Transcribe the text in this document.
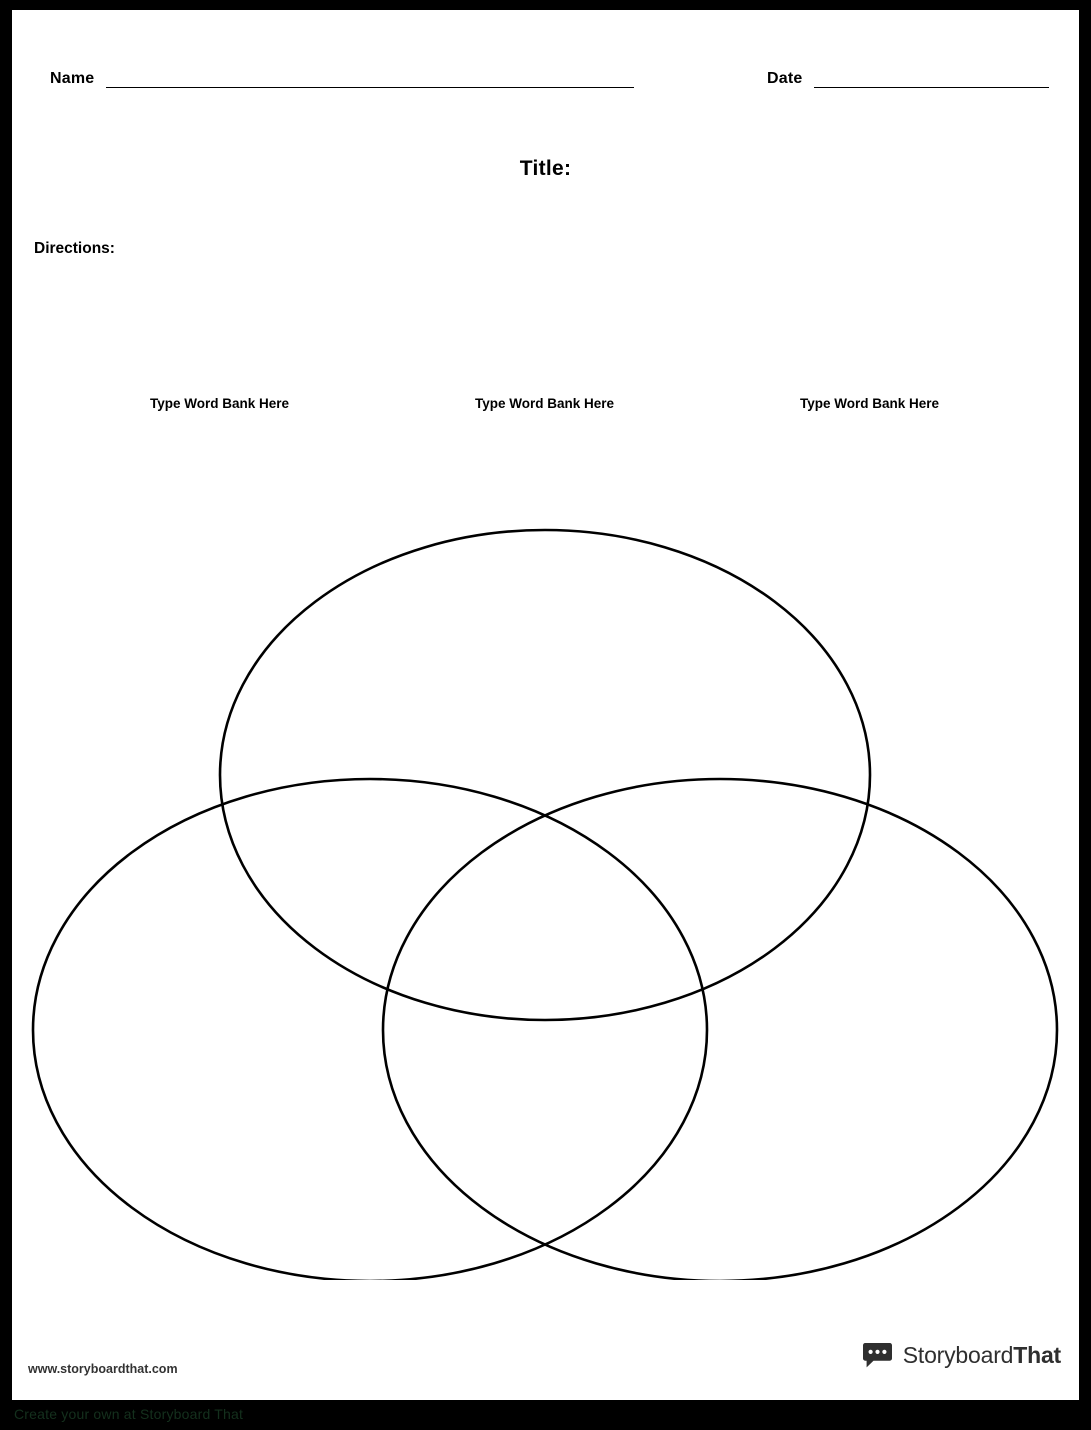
Name	Date
Title:
Directions:
Type Word Bank Here	Type Word Bank Here	Type Word Bank Here
www.storyboardthat.com
StoryboardThat
Create your own at Storyboard That
